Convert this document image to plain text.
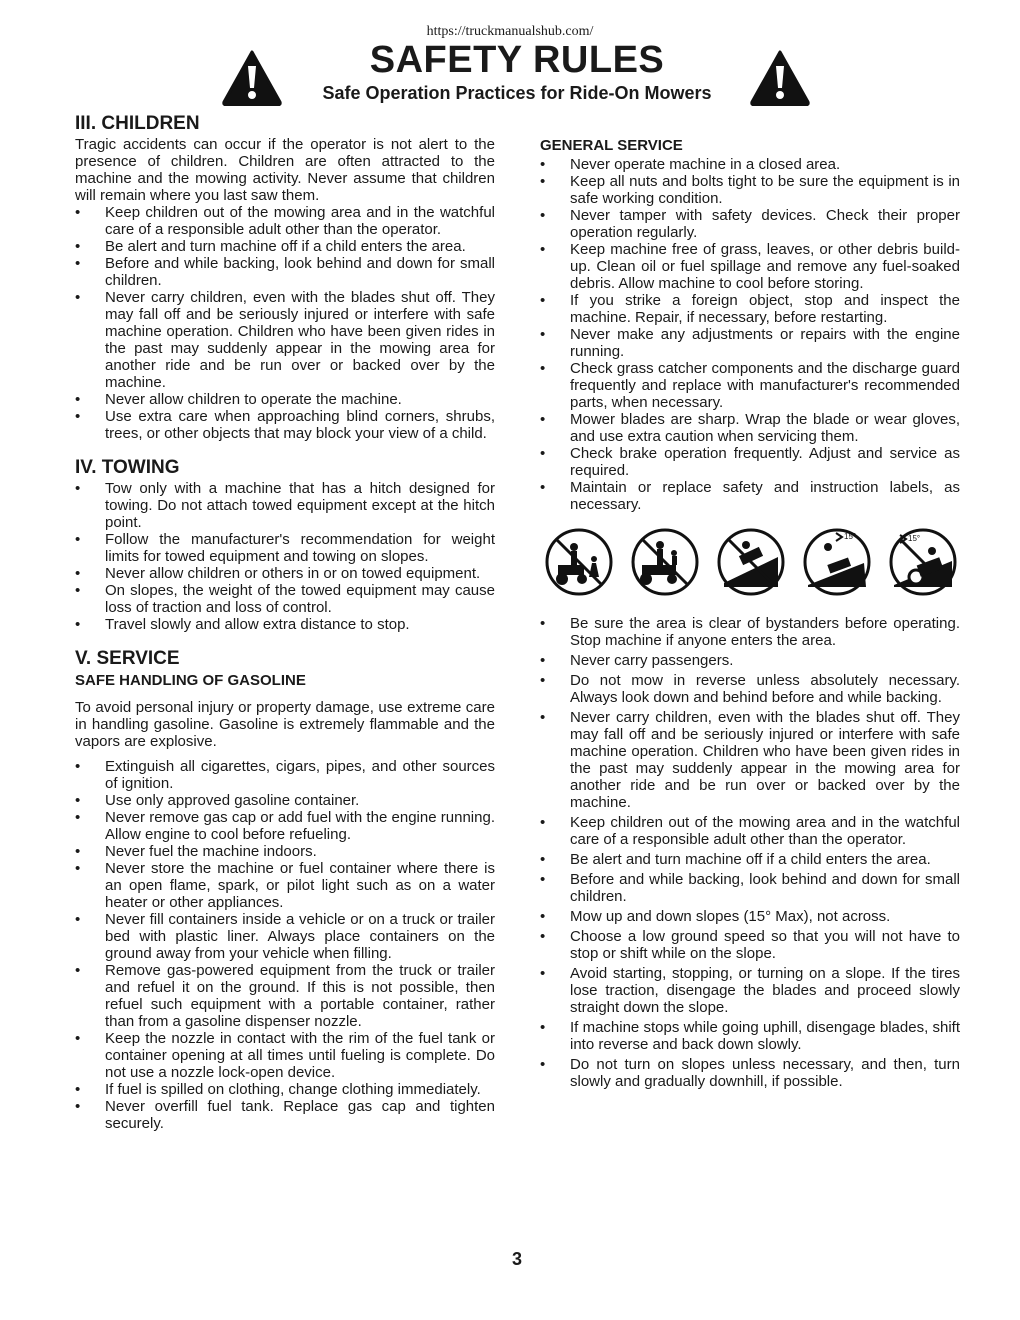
https://truckmanualshub.com/
SAFETY RULES
Safe Operation Practices for Ride-On Mowers
III. CHILDREN

Tragic accidents can occur if the operator is not alert to the presence of children. Children are often attracted to the machine and the mowing activity. Never assume that children will remain where you last saw them.

• Keep children out of the mowing area and in the watchful care of a responsible adult other than the operator.
• Be alert and turn machine off if a child enters the area.
• Before and while backing, look behind and down for small children.
• Never carry children, even with the blades shut off. They may fall off and be seriously injured or interfere with safe machine operation. Children who have been given rides in the past may suddenly appear in the mowing area for another ride and be run over or backed over by the machine.
• Never allow children to operate the machine.
• Use extra care when approaching blind corners, shrubs, trees, or other objects that may block your view of a child.
IV. TOWING
• Tow only with a machine that has a hitch designed for towing. Do not attach towed equipment except at the hitch point.
• Follow the manufacturer's recommendation for weight limits for towed equipment and towing on slopes.
• Never allow children or others in or on towed equipment.
• On slopes, the weight of the towed equipment may cause loss of traction and loss of control.
• Travel slowly and allow extra distance to stop.
V. SERVICE
SAFE HANDLING OF GASOLINE

To avoid personal injury or property damage, use extreme care in handling gasoline. Gasoline is extremely flammable and the vapors are explosive.

• Extinguish all cigarettes, cigars, pipes, and other sources of ignition.
• Use only approved gasoline container.
• Never remove gas cap or add fuel with the engine running. Allow engine to cool before refueling.
• Never fuel the machine indoors.
• Never store the machine or fuel container where there is an open flame, spark, or pilot light such as on a water heater or other appliances.
• Never fill containers inside a vehicle or on a truck or trailer bed with plastic liner. Always place containers on the ground away from your vehicle when filling.
• Remove gas-powered equipment from the truck or trailer and refuel it on the ground. If this is not possible, then refuel such equipment with a portable container, rather than from a gasoline dispenser nozzle.
• Keep the nozzle in contact with the rim of the fuel tank or container opening at all times until fueling is complete. Do not use a nozzle lock-open device.
• If fuel is spilled on clothing, change clothing immediately.
• Never overfill fuel tank. Replace gas cap and tighten securely.
GENERAL SERVICE
• Never operate machine in a closed area.
• Keep all nuts and bolts tight to be sure the equipment is in safe working condition.
• Never tamper with safety devices. Check their proper operation regularly.
• Keep machine free of grass, leaves, or other debris build-up. Clean oil or fuel spillage and remove any fuel-soaked debris. Allow machine to cool before storing.
• If you strike a foreign object, stop and inspect the machine. Repair, if necessary, before restarting.
• Never make any adjustments or repairs with the engine running.
• Check grass catcher components and the discharge guard frequently and replace with manufacturer's recommended parts, when necessary.
• Mower blades are sharp. Wrap the blade or wear gloves, and use extra caution when servicing them.
• Check brake operation frequently. Adjust and service as required.
• Maintain or replace safety and instruction labels, as necessary.
15°	15°
• Be sure the area is clear of bystanders before operating. Stop machine if anyone enters the area.
• Never carry passengers.
• Do not mow in reverse unless absolutely necessary. Always look down and behind before and while backing.
• Never carry children, even with the blades shut off. They may fall off and be seriously injured or interfere with safe machine operation. Children who have been given rides in the past may suddenly appear in the mowing area for another ride and be run over or backed over by the machine.
• Keep children out of the mowing area and in the watchful care of a responsible adult other than the operator.
• Be alert and turn machine off if a child enters the area.
• Before and while backing, look behind and down for small children.
• Mow up and down slopes (15° Max), not across.
• Choose a low ground speed so that you will not have to stop or shift while on the slope.
• Avoid starting, stopping, or turning on a slope. If the tires lose traction, disengage the blades and proceed slowly straight down the slope.
• If machine stops while going uphill, disengage blades, shift into reverse and back down slowly.
• Do not turn on slopes unless necessary, and then, turn slowly and gradually downhill, if possible.
3
